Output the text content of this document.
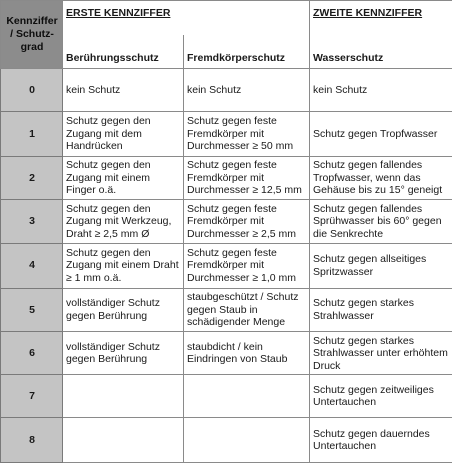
Kennziffer / Schutz-grad	ERSTE KENNZIFFER		ZWEITE KENNZIFFER
	Berührungsschutz	Fremdkörperschutz	Wasserschutz
0	kein Schutz	kein Schutz	kein Schutz
1	Schutz gegen den Zugang mit dem Handrücken	Schutz gegen feste Fremdkörper mit Durchmesser ≥ 50 mm	Schutz gegen Tropfwasser
2	Schutz gegen den Zugang mit einem Finger o.ä.	Schutz gegen feste Fremdkörper mit Durchmesser ≥ 12,5 mm	Schutz gegen fallendes Tropfwasser, wenn das Gehäuse bis zu 15° geneigt
3	Schutz gegen den Zugang mit Werkzeug, Draht ≥ 2,5 mm Ø	Schutz gegen feste Fremdkörper mit Durchmesser ≥ 2,5 mm	Schutz gegen fallendes Sprühwasser bis 60° gegen die Senkrechte
4	Schutz gegen den Zugang mit einem Draht ≥ 1 mm o.ä.	Schutz gegen feste Fremdkörper mit Durchmesser ≥ 1,0 mm	Schutz gegen allseitiges Spritzwasser
5	vollständiger Schutz gegen Berührung	staubgeschützt / Schutz gegen Staub in schädigender Menge	Schutz gegen starkes Strahlwasser
6	vollständiger Schutz gegen Berührung	staubdicht / kein Eindringen von Staub	Schutz gegen starkes Strahlwasser unter erhöhtem Druck
7			Schutz gegen zeitweiliges Untertauchen
8			Schutz gegen dauerndes Untertauchen
